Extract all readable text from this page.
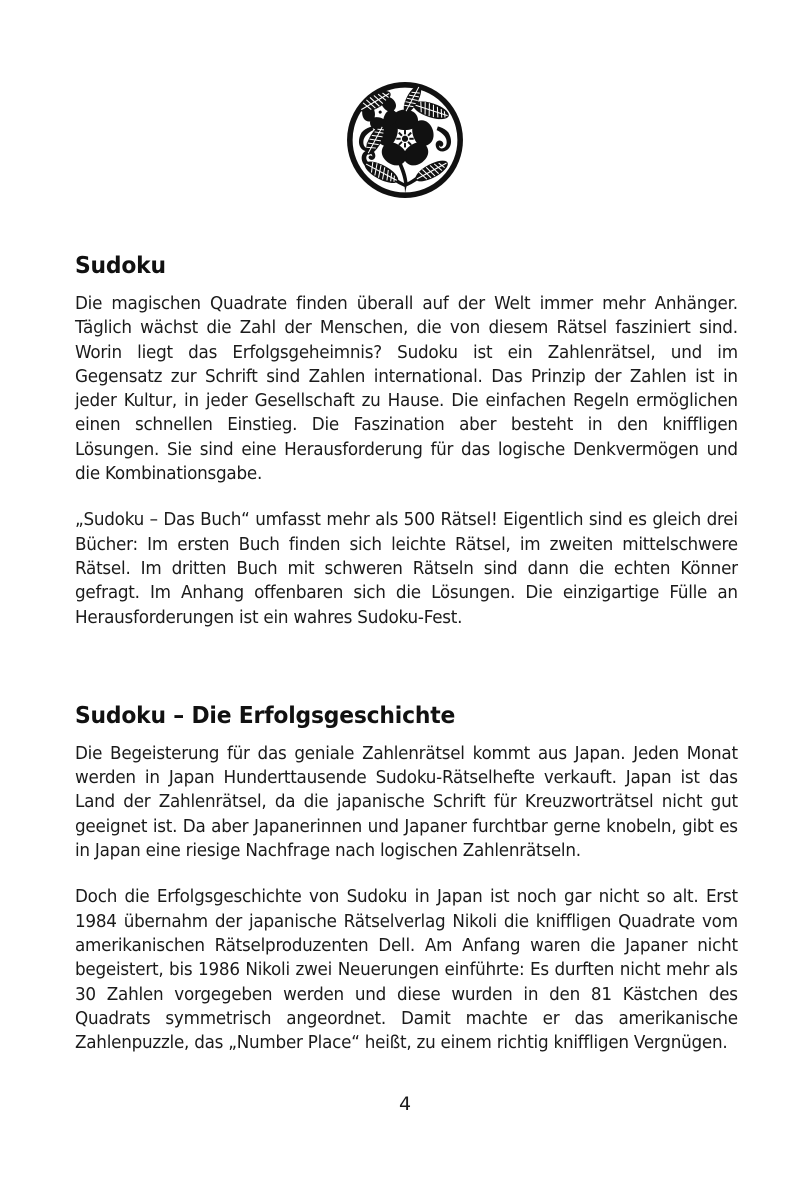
Sudoku

Die magischen Quadrate finden überall auf der Welt immer mehr Anhänger. Täglich wächst die Zahl der Menschen, die von diesem Rätsel fasziniert sind. Worin liegt das Erfolgsgeheimnis? Sudoku ist ein Zahlenrätsel, und im Gegensatz zur Schrift sind Zahlen international. Das Prinzip der Zahlen ist in jeder Kultur, in jeder Gesellschaft zu Hause. Die einfachen Regeln ermöglichen einen schnellen Einstieg. Die Faszination aber besteht in den kniffligen Lösungen. Sie sind eine Herausforderung für das logische Denkvermögen und die Kombinationsgabe.

„Sudoku – Das Buch“ umfasst mehr als 500 Rätsel! Eigentlich sind es gleich drei Bücher: Im ersten Buch finden sich leichte Rätsel, im zweiten mittelschwere Rätsel. Im dritten Buch mit schweren Rätseln sind dann die echten Könner gefragt. Im Anhang offenbaren sich die Lösungen. Die einzigartige Fülle an Herausforderungen ist ein wahres Sudoku-Fest.

Sudoku – Die Erfolgsgeschichte

Die Begeisterung für das geniale Zahlenrätsel kommt aus Japan. Jeden Monat werden in Japan Hunderttausende Sudoku-Rätselhefte verkauft. Japan ist das Land der Zahlenrätsel, da die japanische Schrift für Kreuzworträtsel nicht gut geeignet ist. Da aber Japanerinnen und Japaner furchtbar gerne knobeln, gibt es in Japan eine riesige Nachfrage nach logischen Zahlenrätseln.

Doch die Erfolgsgeschichte von Sudoku in Japan ist noch gar nicht so alt. Erst 1984 übernahm der japanische Rätselverlag Nikoli die kniffligen Quadrate vom amerikanischen Rätselproduzenten Dell. Am Anfang waren die Japaner nicht begeistert, bis 1986 Nikoli zwei Neuerungen einführte: Es durften nicht mehr als 30 Zahlen vorgegeben werden und diese wurden in den 81 Kästchen des Quadrats symmetrisch angeordnet. Damit machte er das amerikanische Zahlenpuzzle, das „Number Place“ heißt, zu einem richtig kniffligen Vergnügen.

4
